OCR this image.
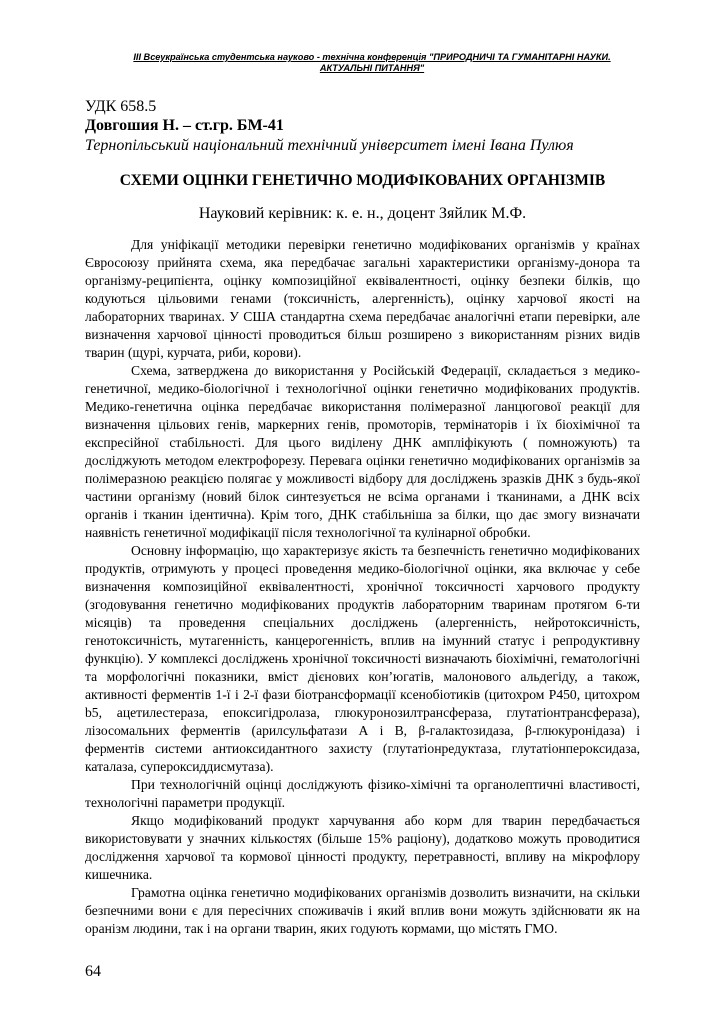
III Всеукраїнська студентська науково - технічна конференція "ПРИРОДНИЧІ ТА ГУМАНІТАРНІ НАУКИ.
АКТУАЛЬНІ ПИТАННЯ"
УДК 658.5
Довгошия Н. – ст.гр. БМ-41
Тернопільський національний технічний університет імені Івана Пулюя
СХЕМИ ОЦІНКИ ГЕНЕТИЧНО МОДИФІКОВАНИХ ОРГАНІЗМІВ
Науковий керівник: к. е. н., доцент Зяйлик М.Ф.

Для уніфікації методики перевірки генетично модифікованих організмів у країнах Євросоюзу прийнята схема, яка передбачає загальні характеристики організму-донора та організму-реципієнта, оцінку композиційної еквівалентності, оцінку безпеки білків, що кодуються цільовими генами (токсичність, алергенність), оцінку харчової якості на лабораторних тваринах. У США стандартна схема передбачає аналогічні етапи перевірки, але визначення харчової цінності проводиться більш розширено з використанням різних видів тварин (щурі, курчата, риби, корови).

Схема, затверджена до використання у Російській Федерації, складається з медико-генетичної, медико-біологічної і технологічної оцінки генетично модифікованих продуктів. Медико-генетична оцінка передбачає використання полімеразної ланцюгової реакції для визначення цільових генів, маркерних генів, промоторів, термінаторів і їх біохімічної та експресійної стабільності. Для цього виділену ДНК ампліфікують ( помножують) та досліджують методом електрофорезу. Перевага оцінки генетично модифікованих організмів за полімеразною реакцією полягає у можливості відбору для досліджень зразків ДНК з будь-якої частини організму (новий білок синтезується не всіма органами і тканинами, а ДНК всіх органів і тканин ідентична). Крім того, ДНК стабільніша за білки, що дає змогу визначати наявність генетичної модифікації після технологічної та кулінарної обробки.

Основну інформацію, що характеризує якість та безпечність генетично модифікованих продуктів, отримують у процесі проведення медико-біологічної оцінки, яка включає у себе визначення композиційної еквівалентності, хронічної токсичності харчового продукту (згодовування генетично модифікованих продуктів лабораторним тваринам протягом 6-ти місяців) та проведення спеціальних досліджень (алергенність, нейротоксичність, генотоксичність, мутагенність, канцерогенність, вплив на імунний статус і репродуктивну функцію). У комплексі досліджень хронічної токсичності визначають біохімічні, гематологічні та морфологічні показники, вміст дієнових кон’югатів, малонового альдегіду, а також, активності ферментів 1-ї і 2-ї фази біотрансформації ксенобіотиків (цитохром Р450, цитохром b5, ацетилестераза, епоксигідролаза, глюкуронозилтрансфераза, глутатіонтрансфераза), лізосомальних ферментів (арилсульфатази А і В, β-галактозидаза, β-глюкуронідаза) і ферментів системи антиоксидантного захисту (глутатіонредуктаза, глутатіонпероксидаза, каталаза, супероксиддисмутаза).

При технологічній оцінці досліджують фізико-хімічні та органолептичні властивості, технологічні параметри продукції.

Якщо модифікований продукт харчування або корм для тварин передбачається використовувати у значних кількостях (більше 15% раціону), додатково можуть проводитися дослідження харчової та кормової цінності продукту, перетравності, впливу на мікрофлору кишечника.

Грамотна оцінка генетично модифікованих організмів дозволить визначити, на скільки безпечними вони є для пересічних споживачів і який вплив вони можуть здійснювати як на оранізм людини, так і на органи тварин, яких годують кормами, що містять ГМО.

64
